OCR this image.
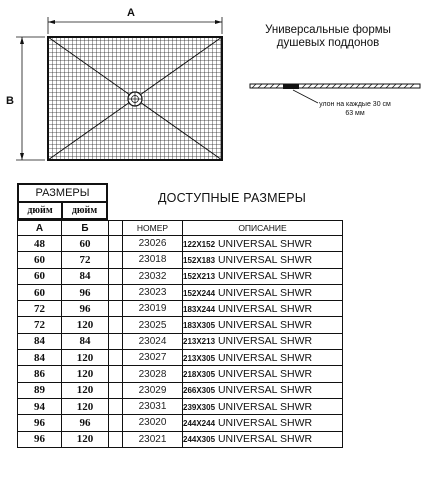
A
B
Универсальные формы
душевых поддонов
улон на каждые 30 см
63 мм
РАЗМЕРЫ
дюйм	дюйм
ДОСТУПНЫЕ РАЗМЕРЫ
А	Б		НОМЕР	ОПИСАНИЕ
48	60		23026	122X152 UNIVERSAL SHWR
60	72		23018	152X183 UNIVERSAL SHWR
60	84		23032	152X213 UNIVERSAL SHWR
60	96		23023	152X244 UNIVERSAL SHWR
72	96		23019	183X244 UNIVERSAL SHWR
72	120		23025	183X305 UNIVERSAL SHWR
84	84		23024	213X213 UNIVERSAL SHWR
84	120		23027	213X305 UNIVERSAL SHWR
86	120		23028	218X305 UNIVERSAL SHWR
89	120		23029	266X305 UNIVERSAL SHWR
94	120		23031	239X305 UNIVERSAL SHWR
96	96		23020	244X244 UNIVERSAL SHWR
96	120		23021	244X305 UNIVERSAL SHWR
